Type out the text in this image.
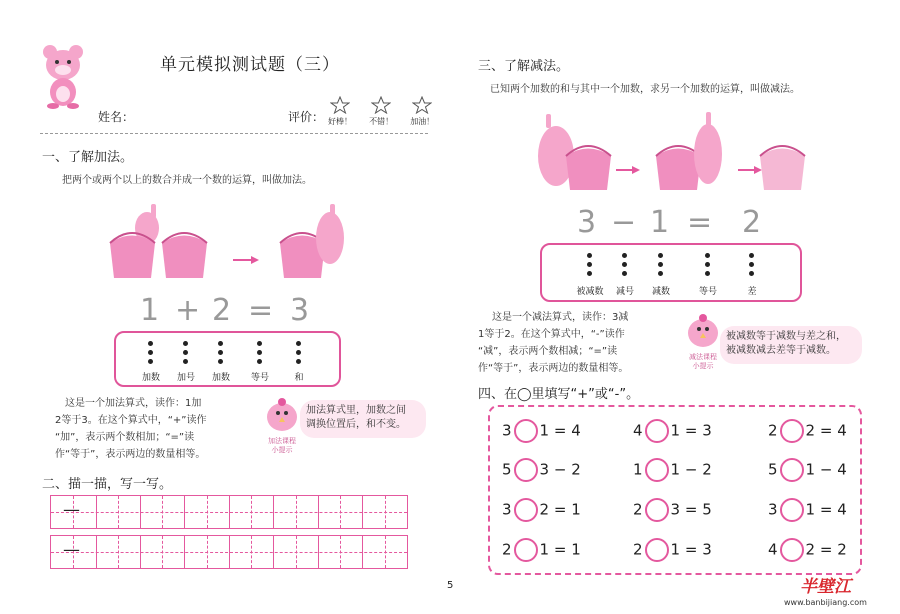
单元模拟测试题（三）
姓名：	评价： 好棒！ 不错！ 加油！
一、了解加法。
把两个或两个以上的数合并成一个数的运算，叫做加法。
1 + 2 = 3
加数	加号	加数	等号	和
这是一个加法算式，读作：1加
2等于3。在这个算式中，“+”读作
“加”，表示两个数相加；“=”读
作“等于”，表示两边的数量相等。
加法课程
小提示
加法算式里，加数之间
调换位置后，和不变。
二、描一描，写一写。
—
—
三、了解减法。
已知两个加数的和与其中一个加数，求另一个加数的运算，叫做减法。
3 − 1 = 2
被减数	减号	减数	等号	差
这是一个减法算式，读作：3减
1等于2。在这个算式中，“-”读作
“减”，表示两个数相减；“=”读
作“等于”，表示两边的数量相等。
减法课程
小提示
被减数等于减数与差之和，
被减数减去差等于减数。
四、在◯里填写“+”或“-”。
3 1 = 4	4 1 = 3	2 2 = 4
5 3 − 2	1 1 − 2	5 1 − 4
3 2 = 1	2 3 = 5	3 1 = 4
2 1 = 1	2 1 = 3	4 2 = 2
5	半壁江
www.banbijiang.com
